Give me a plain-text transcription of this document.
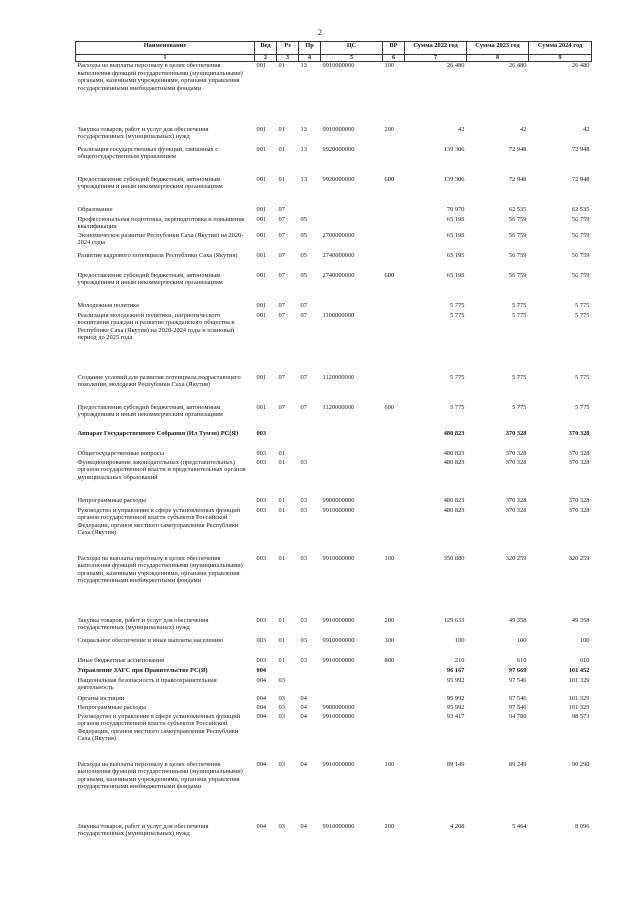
2
Наименование	Вед	Рз	Пр	ЦС	ВР	Сумма 2022 год	Сумма 2023 год	Сумма 2024 год
1	2	3	4	5	6	7	8	9
Расходы на выплаты персоналу в целях обеспечения выполнения функций государственными (муниципальными) органами, казенными учреждениями, органами управления государственными внебюджетными фондами	001	01	13	9910000000	100	26 480	26 480	26 480
Закупка товаров, работ и услуг для обеспечения государственных (муниципальных) нужд	001	01	13	9910000000	200	42	42	42
Реализация государственных функций, связанных с общегосударственным управлением	001	01	13	9920000000		139 306	72 948	72 948
Предоставление субсидий бюджетным, автономным учреждениям и иным некоммерческим организациям	001	01	13	9920000000	600	139 306	72 948	72 948
Образование	001	07				70 970	62 535	62 535
Профессиональная подготовка, переподготовка и повышение квалификации	001	07	05			65 195	56 759	56 759
Экономическое развитие Республики Саха (Якутия) на 2020-2024 годы	001	07	05	2700000000		65 195	56 759	56 759
Развитие кадрового потенциала Республики Саха (Якутия)	001	07	05	2740000000		65 195	56 759	56 759
Предоставление субсидий бюджетным, автономным учреждениям и иным некоммерческим организациям	001	07	05	2740000000	600	65 195	56 759	56 759
Молодежная политика	001	07	07			5 775	5 775	5 775
Реализация молодежной политики, патриотического воспитания граждан и развитие гражданского общества в Республике Саха (Якутия) на 2020-2024 годы и плановый период до 2025 года	001	07	07	1100000000		5 775	5 775	5 775
Создание условий для развития потенциала подрастающего поколения, молодежи Республики Саха (Якутия)	001	07	07	1120000000		5 775	5 775	5 775
Предоставление субсидий бюджетным, автономным учреждениям и иным некоммерческим организациям	001	07	07	1120000000	600	5 775	5 775	5 775
Аппарат Государственного Собрания (Ил Тумэн) РС(Я)	003					480 823	370 328	370 328
Общегосударственные вопросы	003	01				480 823	370 328	370 328
Функционирование законодательных (представительных) органов государственной власти и представительных органов муниципальных образований	003	01	03			480 823	370 328	370 328
Непрограммные расходы	003	01	03	9900000000		480 823	370 328	370 328
Руководство и управление в сфере установленных функций органов государственной власти субъектов Российской Федерации, органов местного самоуправления Республики Саха (Якутия)	003	01	03	9910000000		480 823	370 328	370 328
Расходы на выплаты персоналу в целях обеспечения выполнения функций государственными (муниципальными) органами, казенными учреждениями, органами управления государственными внебюджетными фондами	003	01	03	9910000000	100	350 880	320 259	320 259
Закупка товаров, работ и услуг для обеспечения государственных (муниципальных) нужд	003	01	03	9910000000	200	129 633	49 358	49 358
Социальное обеспечение и иные выплаты населению	003	01	03	9910000000	300	100	100	100
Иные бюджетные ассигнования	003	01	03	9910000000	800	210	610	610
Управление ЗАГС при Правительстве РС(Я)	004					96 167	97 669	101 452
Национальная безопасность и правоохранительная деятельность	004	03				95 992	97 546	101 329
Органы юстиции	004	03	04			95 992	97 546	101 329
Непрограммные расходы	004	03	04	9900000000		95 992	97 546	101 329
Руководство и управление в сфере установленных функций органов государственной власти субъектов Российской Федерации, органов местного самоуправления Республики Саха (Якутия)	004	03	04	9910000000		93 417	94 780	98 573
Расходы на выплаты персоналу в целях обеспечения выполнения функций государственными (муниципальными) органами, казенными учреждениями, органами управления государственными внебюджетными фондами	004	03	04	9910000000	100	89 149	89 249	90 290
Закупка товаров, работ и услуг для обеспечения государственных (муниципальных) нужд	004	03	04	9910000000	200	4 208	5 464	8 096
